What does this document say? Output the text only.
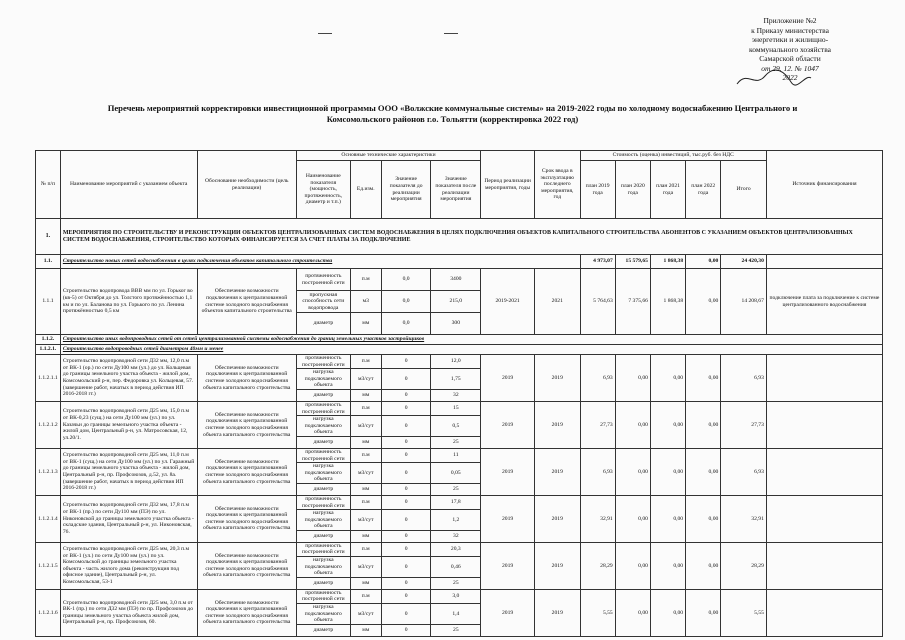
Приложение №2
к Приказу министерства
энергетики и жилищно-
коммунального хозяйства
Самарской области
от 29. 12. № 1047
2022
Перечень мероприятий корректировки инвестиционной программы ООО «Волжские коммунальные системы» на 2019-2022 годы по холодному водоснабжению Центрального и
Комсомольского районов г.о. Тольятти (корректировка 2022 год)
№ п/п	Наименование мероприятий с указанием объекта	Обоснование необходимости (цель реализации)	Основные технические характеристики				Период реализации мероприятия, годы	Срок ввода в эксплуатацию последнего мероприятия, год	Стоимость (оценка) инвестиций, тыс.руб. без НДС					Источник финансирования
			Наименование показателя (мощность, протяженность, диаметр и т.п.)	Ед.изм.	Значение показателя до реализации мероприятия	Значение показателя после реализации мероприятия			план 2019 года	план 2020 года	план 2021 года	план 2022 года	Итого	
1.	МЕРОПРИЯТИЯ ПО СТРОИТЕЛЬСТВУ И РЕКОНСТРУКЦИИ ОБЪЕКТОВ ЦЕНТРАЛИЗОВАННЫХ СИСТЕМ ВОДОСНАБЖЕНИЯ В ЦЕЛЯХ ПОДКЛЮЧЕНИЯ ОБЪЕКТОВ КАПИТАЛЬНОГО СТРОИТЕЛЬСТВА АБОНЕНТОВ С УКАЗАНИЕМ ОБЪЕКТОВ ЦЕНТРАЛИЗОВАННЫХ СИСТЕМ ВОДОСНАБЖЕНИЯ, СТРОИТЕЛЬСТВО КОТОРЫХ ФИНАНСИРУЕТСЯ ЗА СЧЕТ ПЛАТЫ ЗА ПОДКЛЮЧЕНИЕ													
1.1.	Строительство новых сетей водоснабжения в целях подключения объектов капитального строительства								4 973,07	15 579,65	1 868,38	0,00	24 420,30	
1.1.1	Строительство водопровода ВВВ мм по ул. Горьког во (кв-5) от Октября до ул. Толстого протяжённостью 1,1 км и по ул. Баланова по ул. Горького по ул. Ленина протяжённостью 0,5 км	Обеспечение возможности подключения к централизованной системе холодного водоснабжения объектов капитального строительства	протяженность построенной сети	п.м	0,0	3400	2019-2021	2021	5 764,63	7 375,66	1 868,38	0,00	14 208,67	подключение плата за подключение к системе централизованного водоснабжения
			пропускная способность сети водопровода	м3	0,0	215,0								
			диаметр	мм	0,0	300								
1.1.2.	Строительство иных водопроводных сетей от сетей централизованной системы водоснабжения до границ земельных участков застройщиков													
1.1.2.1.	Строительство водопроводных сетей диаметром 40мм и менее													
1.1.2.1.1	Строительство водопроводной сети Д32 мм, 12,0 п.м от ВК-1 (ор.) по сети Ду100 мм (ул.) до ул. Кольцевая до границы земельного участка объекта - жилой дом, Комсомольский р-н, пер. Федоровка ул. Кольцевая, 57. (завершение работ, начатых в период действия ИП 2016-2018 гг.)	Обеспечение возможности подключения к централизованной системе холодного водоснабжения объекта капитального строительства	протяженность построенной сети	п.м	0	12,0	2019	2019	6,93	0,00	0,00	0,00	6,93	
			нагрузка подключаемого объекта	м3/сут	0	1,75								
			диаметр	мм	0	32								
1.1.2.1.2	Строительство водопроводной сети Д25 мм, 15,0 п.м от ВК-0,23 (сущ.) на сети Ду100 мм (ул.) по ул. Казачьи до границы земельного участка объекта - жилой дом, Центральный р-н, ул. Матросовская, 12, ул.20/1.	Обеспечение возможности подключения к централизованной системе холодного водоснабжения объекта капитального строительства	протяженность построенной сети	п.м	0	15	2019	2019	27,73	0,00	0,00	0,00	27,73	
			нагрузка подключаемого объекта	м3/сут	0	0,5								
			диаметр	мм	0	25								
1.1.2.1.3	Строительство водопроводной сети Д25 мм, 11,0 п.м от ВК-1 (сущ.) на сети Ду100 мм (ул.) по ул. Гаражный до границы земельного участка объекта - жилой дом, Центральный р-н, пр. Профсоюзов, д.52, ул. 8а. (завершение работ, начатых в период действия ИП 2016-2018 гг.)	Обеспечение возможности подключения к централизованной системе холодного водоснабжения объекта капитального строительства	протяженность построенной сети	п.м	0	11	2019	2019	6,93	0,00	0,00	0,00	6,93	
			нагрузка подключаемого объекта	м3/сут	0	0,05								
			диаметр	мм	0	25								
1.1.2.1.4	Строительство водопроводной сети Д32 мм, 17,8 п.м от ВК-1 (пр.) по сети Ду110 мм (ПЭ) по ул. Никоновской до границы земельного участка объекта - складские здания, Центральный р-н, ул. Никоновская, 76.	Обеспечение возможности подключения к централизованной системе холодного водоснабжения объекта капитального строительства	протяженность построенной сети	п.м	0	17,8	2019	2019	32,91	0,00	0,00	0,00	32,91	
			нагрузка подключаемого объекта	м3/сут	0	1,2								
			диаметр	мм	0	32								
1.1.2.1.5	Строительство водопроводной сети Д25 мм, 20,3 п.м от ВК-1 (ул.) по сети Ду100 мм (ул.) по ул. Комсомольской до границы земельного участка объекта - часть жилого дома (реконструкция под офисное здание), Центральный р-н, ул. Комсомольская, 53-1	Обеспечение возможности подключения к централизованной системе холодного водоснабжения объекта капитального строительства	протяженность построенной сети	п.м	0	20,3	2019	2019	28,29	0,00	0,00	0,00	28,29	
			нагрузка подключаемого объекта	м3/сут	0	0,46								
			диаметр	мм	0	25								
1.1.2.1.6	Строительство водопроводной сети Д25 мм, 3,0 п.м от ВК-1 (пр.) по сети Д32 мм (ПЭ) по пр. Профсоюзов до границы земельного участка объекта жилой дом, Центральный р-н, пр. Профсоюзов, 60.	Обеспечение возможности подключения к централизованной системе холодного водоснабжения объекта капитального строительства	протяженность построенной сети	п.м	0	3,0	2019	2019	5,55	0,00	0,00	0,00	5,55	
			нагрузка подключаемого объекта	м3/сут	0	1,4								
			диаметр	мм	0	25								
